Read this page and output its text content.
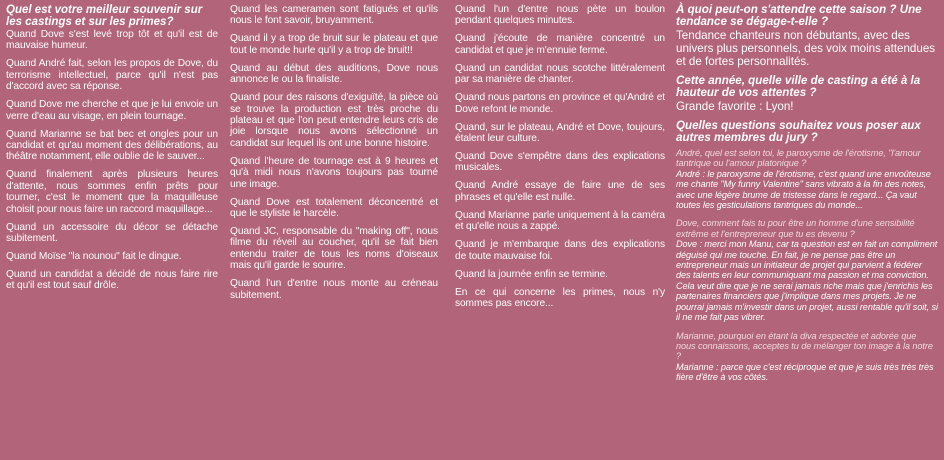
Quel est votre meilleur souvenir sur les castings et sur les primes?

Quand Dove s'est levé trop tôt et qu'il est de mauvaise humeur.

Quand André fait, selon les propos de Dove, du terrorisme intellectuel, parce qu'il n'est pas d'accord avec sa réponse.

Quand Dove me cherche et que je lui envoie un verre d'eau au visage, en plein tournage.

Quand Marianne se bat bec et ongles pour un candidat et qu'au moment des délibérations, au théâtre notamment, elle oublie de le sauver...

Quand finalement après plusieurs heures d'attente, nous sommes enfin prêts pour tourner, c'est le moment que la maquilleuse choisit pour nous faire un raccord maquillage...

Quand un accessoire du décor se détache subitement.

Quand Moïse "la nounou" fait le dingue.

Quand un candidat a décidé de nous faire rire et qu'il est tout sauf drôle.

Quand les cameramen sont fatigués et qu'ils nous le font savoir, bruyamment.

Quand il y a trop de bruit sur le plateau et que tout le monde hurle qu'il y a trop de bruit!!

Quand au début des auditions, Dove nous annonce le ou la finaliste.

Quand pour des raisons d'exiguïté, la pièce où se trouve la production est très proche du plateau et que l'on peut entendre leurs cris de joie lorsque nous avons sélectionné un candidat sur lequel ils ont une bonne histoire.

Quand l'heure de tournage est à 9 heures et qu'à midi nous n'avons toujours pas tourné une image.

Quand Dove est totalement déconcentré et que le styliste le harcèle.

Quand JC, responsable du "making off", nous filme du réveil au coucher, qu'il se fait bien entendu traiter de tous les noms d'oiseaux mais qu'il garde le sourire.

Quand l'un d'entre nous monte au créneau subitement.

Quand l'un d'entre nous pète un boulon pendant quelques minutes.

Quand j'écoute de manière concentré un candidat et que je m'ennuie ferme.

Quand un candidat nous scotche littéralement par sa manière de chanter.

Quand nous partons en province et qu'André et Dove refont le monde.

Quand, sur le plateau, André et Dove, toujours, étalent leur culture.

Quand Dove s'empêtre dans des explications musicales.

Quand André essaye de faire une de ses phrases et qu'elle est nulle.

Quand Marianne parle uniquement à la caméra et qu'elle nous a zappé.

Quand je m'embarque dans des explications de toute mauvaise foi.

Quand la journée enfin se termine.

En ce qui concerne les primes, nous n'y sommes pas encore...

À quoi peut-on s'attendre cette saison ? Une tendance se dégage-t-elle ?
Tendance chanteurs non débutants, avec des univers plus personnels, des voix moins attendues et de fortes personnalités.
Cette année, quelle ville de casting a été à la hauteur de vos attentes ?
Grande favorite : Lyon!
Quelles questions souhaitez vous poser aux autres membres du jury ?

André, quel est selon toi, le paroxysme de l'érotisme, "l'amour tantrique ou l'amour platonique ?

André : le paroxysme de l'érotisme, c'est quand une envoûteuse me chante "My funny Valentine" sans vibrato à la fin des notes, avec une légère brume de tristesse dans le regard... Ça vaut toutes les gesticulations tantriques du monde...

Dove, comment fais tu pour être un homme d'une sensibilité extrême et l'entrepreneur que tu es devenu ?

Dove : merci mon Manu, car ta question est en fait un compliment déguisé qui me touche. En fait, je ne pense pas être un entrepreneur mais un initiateur de projet qui parvient à fédérer des talents en leur communiquant ma passion et ma conviction. Cela veut dire que je ne serai jamais riche mais que j'enrichis les partenaires financiers que j'implique dans mes projets. Je ne pourrai jamais m'investir dans un projet, aussi rentable qu'il soit, si il ne me fait pas vibrer.

Marianne, pourquoi en étant la diva respectée et adorée que nous connaissons, acceptes tu de mélanger ton image à la notre ?

Marianne : parce que c'est réciproque et que je suis très très très fière d'être à vos côtés.
